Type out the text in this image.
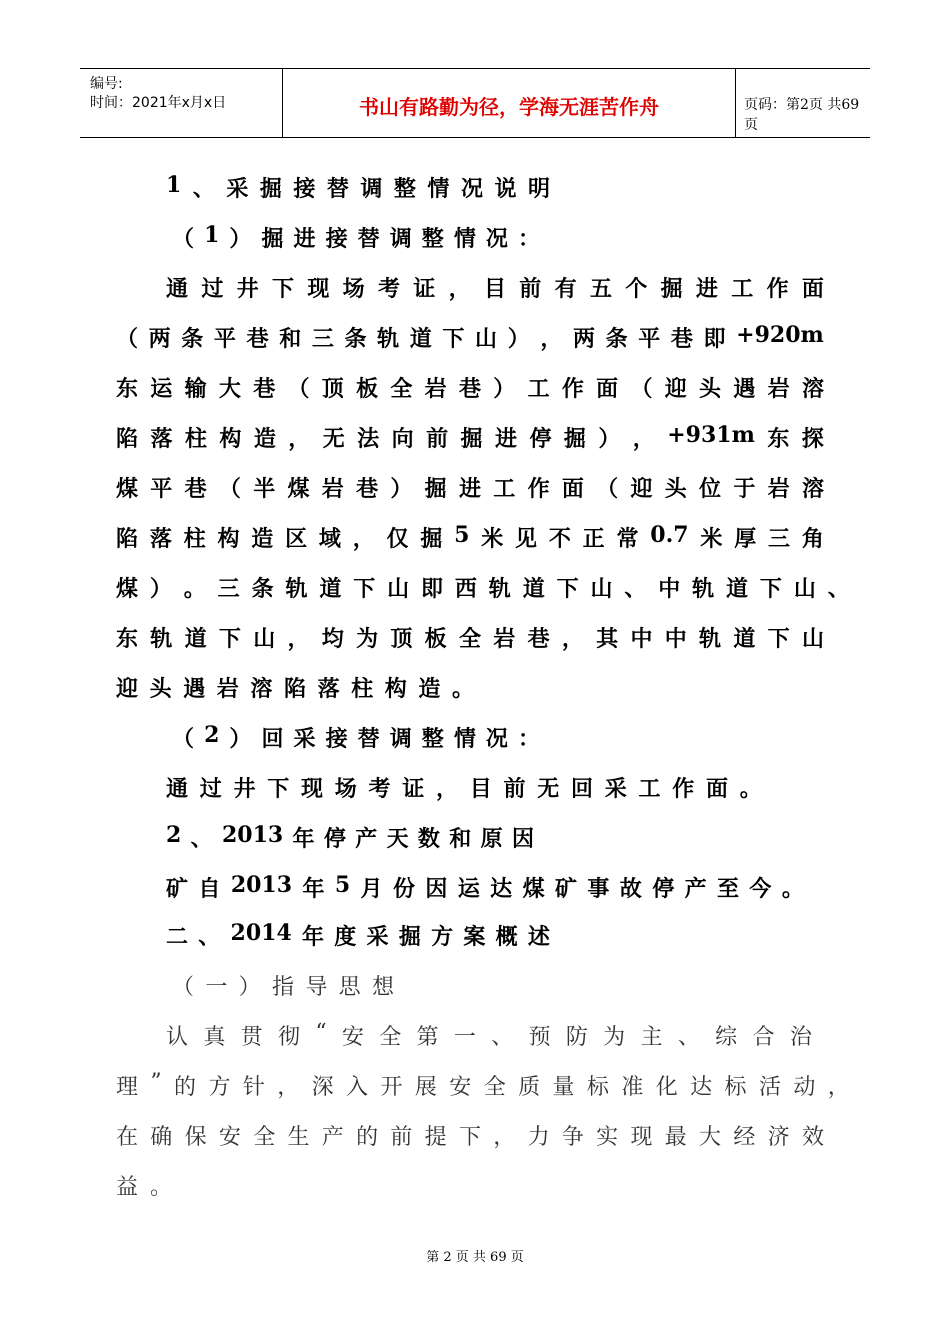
编号:
时间：2021年x月x日	书山有路勤为径，学海无涯苦作舟	页码：第2页 共69页
1 、 采 掘 接 替 调 整 情 况 说 明
（ 1 ） 掘 进 接 替 调 整 情 况 ：
通 过 井 下 现 场 考 证 ， 目 前 有 五 个 掘 进 工 作 面
（ 两 条 平 巷 和 三 条 轨 道 下 山 ） ， 两 条 平 巷 即 +920m
东 运 输 大 巷 （ 顶 板 全 岩 巷 ） 工 作 面 （ 迎 头 遇 岩 溶
陷 落 柱 构 造 ， 无 法 向 前 掘 进 停 掘 ） ， +931m 东 探
煤 平 巷 （ 半 煤 岩 巷 ） 掘 进 工 作 面 （ 迎 头 位 于 岩 溶
陷 落 柱 构 造 区 域 ， 仅 掘 5 米 见 不 正 常 0.7 米 厚 三 角
煤 ） 。 三 条 轨 道 下 山 即 西 轨 道 下 山 、 中 轨 道 下 山 、
东 轨 道 下 山 ， 均 为 顶 板 全 岩 巷 ， 其 中 中 轨 道 下 山
迎 头 遇 岩 溶 陷 落 柱 构 造 。
（ 2 ） 回 采 接 替 调 整 情 况 ：
通 过 井 下 现 场 考 证 ， 目 前 无 回 采 工 作 面 。
2 、 2013 年 停 产 天 数 和 原 因
矿 自 2013 年 5 月 份 因 运 达 煤 矿 事 故 停 产 至 今 。
二 、 2014 年 度 采 掘 方 案 概 述
（ 一 ） 指 导 思 想
认 真 贯 彻 “ 安 全 第 一 、 预 防 为 主 、 综 合 治
理 ” 的 方 针 ， 深 入 开 展 安 全 质 量 标 准 化 达 标 活 动 ，
在 确 保 安 全 生 产 的 前 提 下 ， 力 争 实 现 最 大 经 济 效
益 。
第 2 页 共 69 页
